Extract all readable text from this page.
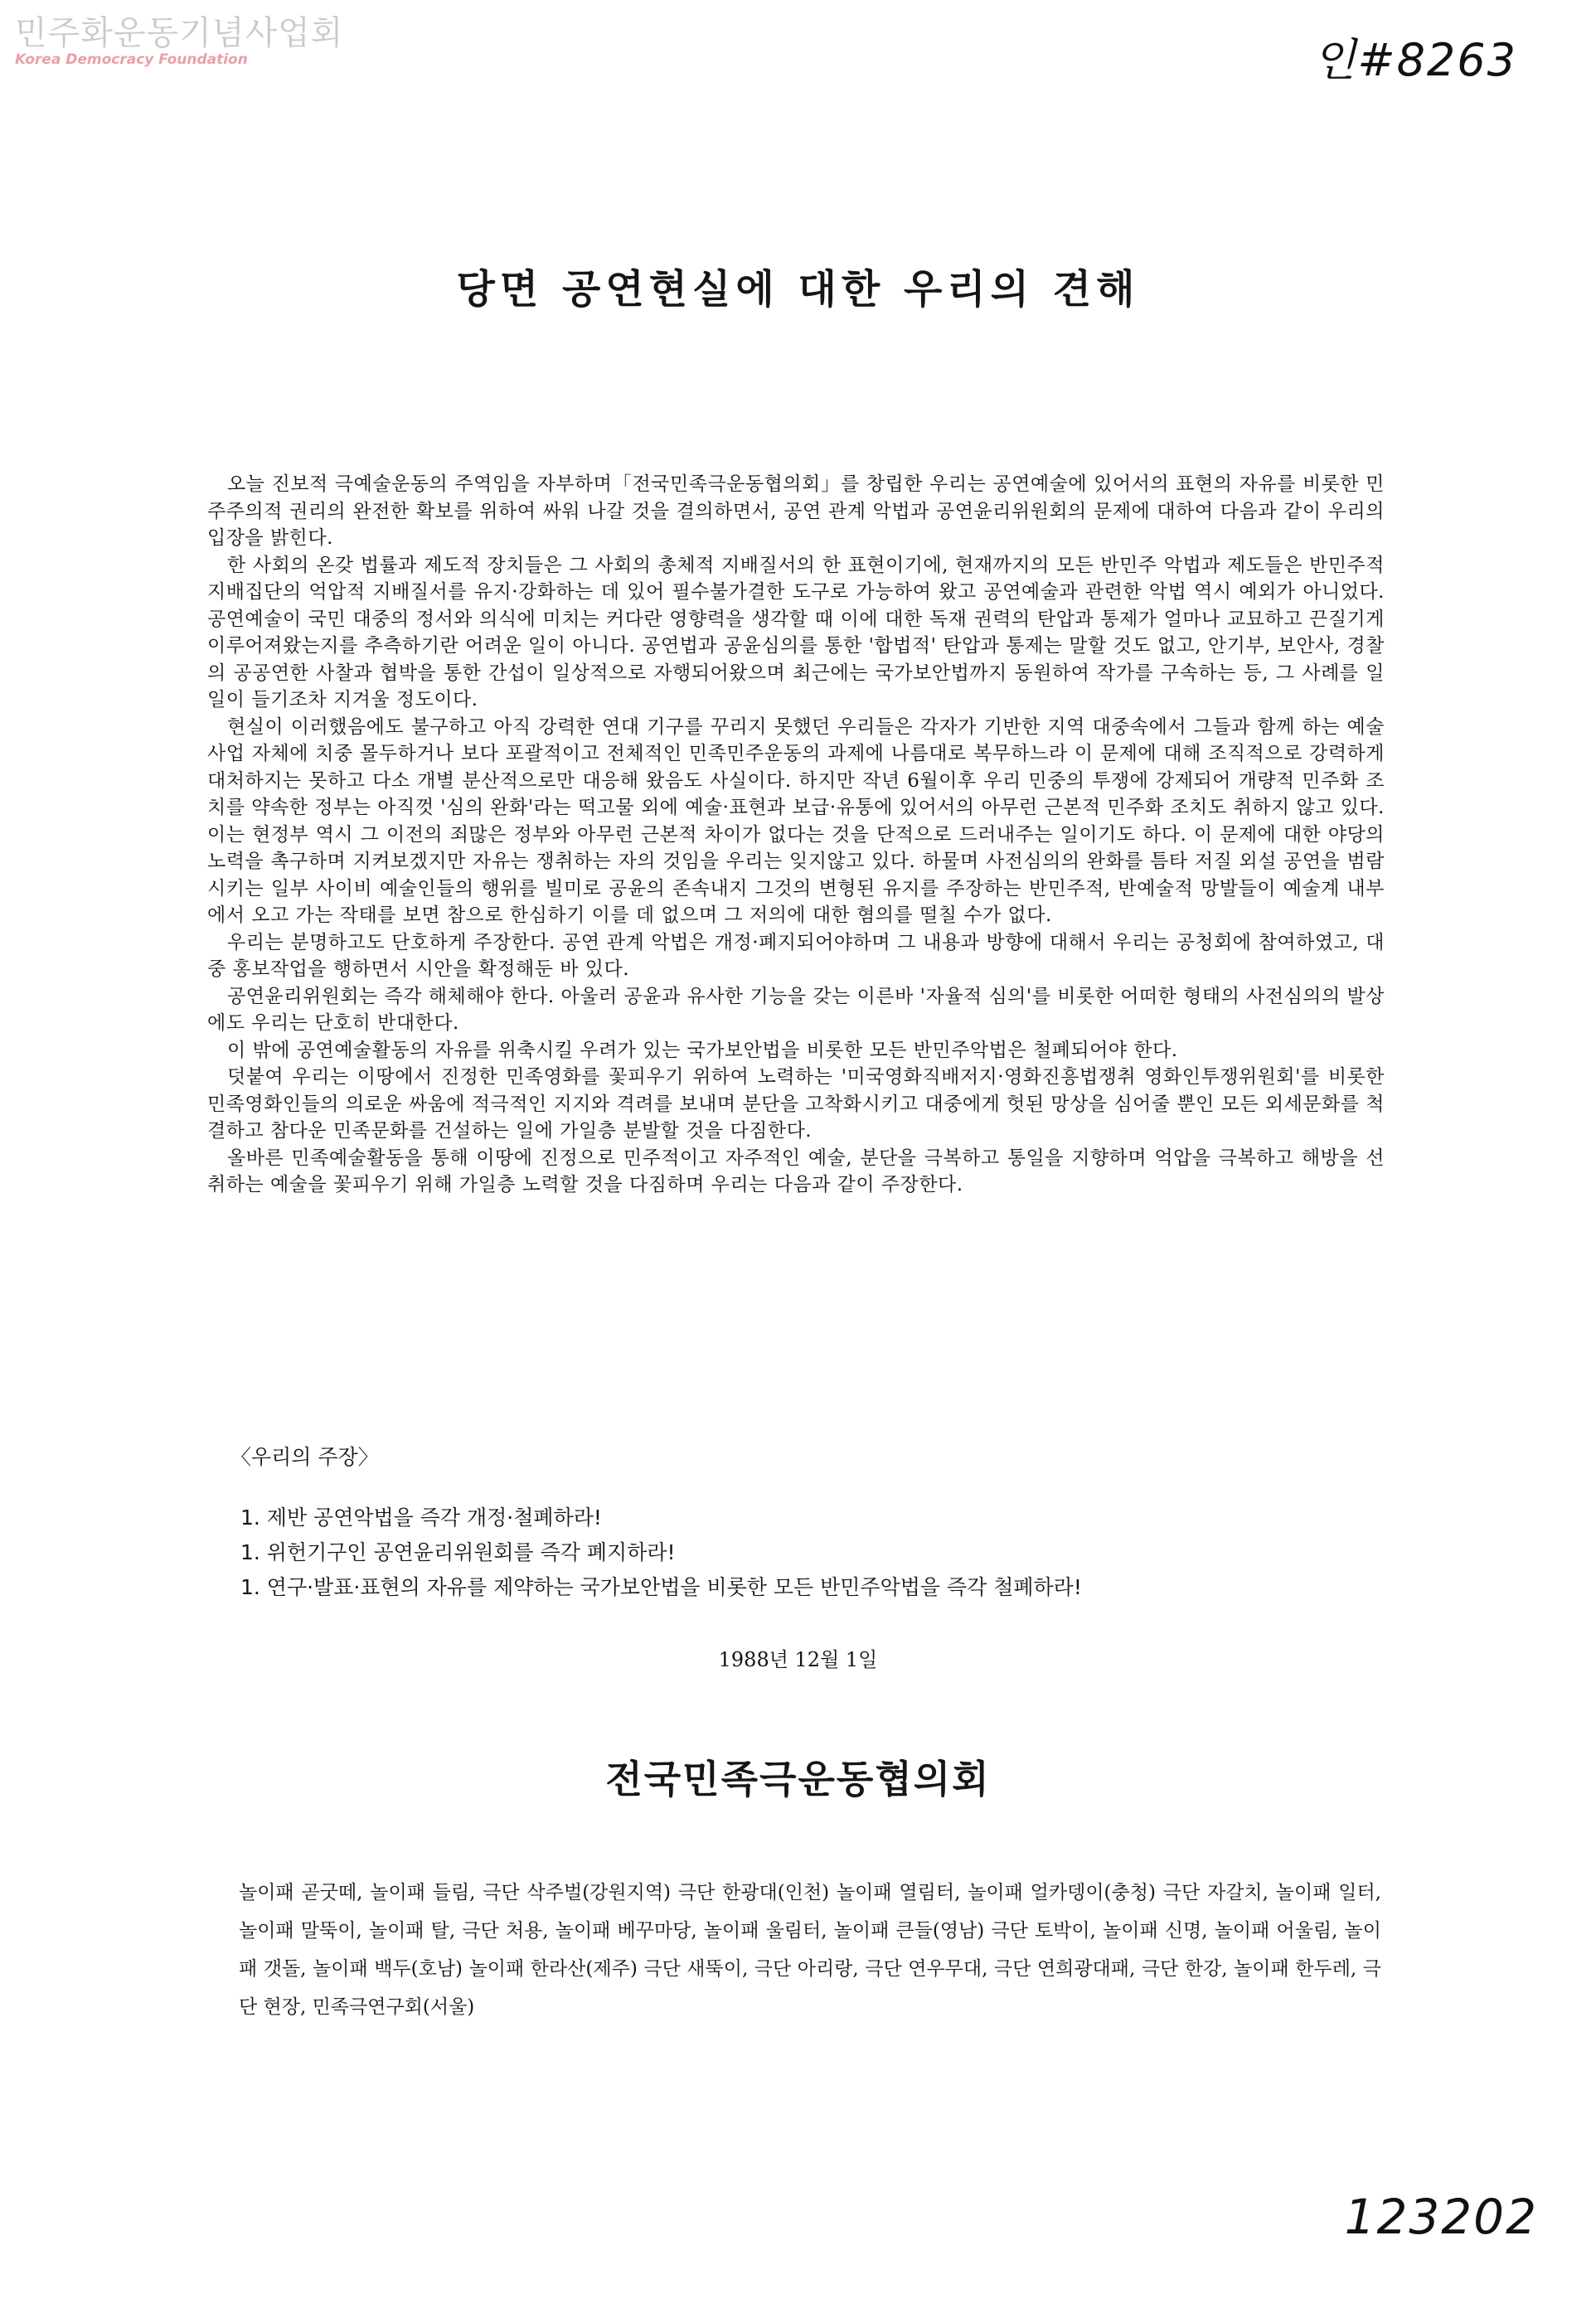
민주화운동기념사업회
Korea Democracy Foundation	인#8263
당면 공연현실에 대한 우리의 견해

오늘 진보적 극예술운동의 주역임을 자부하며「전국민족극운동협의회」를 창립한 우리는 공연예술에 있어서의 표현의 자유를 비롯한 민주주의적 권리의 완전한 확보를 위하여 싸워 나갈 것을 결의하면서, 공연 관계 악법과 공연윤리위원회의 문제에 대하여 다음과 같이 우리의 입장을 밝힌다.

한 사회의 온갖 법률과 제도적 장치들은 그 사회의 총체적 지배질서의 한 표현이기에, 현재까지의 모든 반민주 악법과 제도들은 반민주적 지배집단의 억압적 지배질서를 유지·강화하는 데 있어 필수불가결한 도구로 가능하여 왔고 공연예술과 관련한 악법 역시 예외가 아니었다. 공연예술이 국민 대중의 정서와 의식에 미치는 커다란 영향력을 생각할 때 이에 대한 독재 권력의 탄압과 통제가 얼마나 교묘하고 끈질기게 이루어져왔는지를 추측하기란 어려운 일이 아니다. 공연법과 공윤심의를 통한 '합법적' 탄압과 통제는 말할 것도 없고, 안기부, 보안사, 경찰의 공공연한 사찰과 협박을 통한 간섭이 일상적으로 자행되어왔으며 최근에는 국가보안법까지 동원하여 작가를 구속하는 등, 그 사례를 일일이 들기조차 지겨울 정도이다.

현실이 이러했음에도 불구하고 아직 강력한 연대 기구를 꾸리지 못했던 우리들은 각자가 기반한 지역 대중속에서 그들과 함께 하는 예술사업 자체에 치중 몰두하거나 보다 포괄적이고 전체적인 민족민주운동의 과제에 나름대로 복무하느라 이 문제에 대해 조직적으로 강력하게 대처하지는 못하고 다소 개별 분산적으로만 대응해 왔음도 사실이다. 하지만 작년 6월이후 우리 민중의 투쟁에 강제되어 개량적 민주화 조치를 약속한 정부는 아직껏 '심의 완화'라는 떡고물 외에 예술·표현과 보급·유통에 있어서의 아무런 근본적 민주화 조치도 취하지 않고 있다. 이는 현정부 역시 그 이전의 죄많은 정부와 아무런 근본적 차이가 없다는 것을 단적으로 드러내주는 일이기도 하다. 이 문제에 대한 야당의 노력을 촉구하며 지켜보겠지만 자유는 쟁취하는 자의 것임을 우리는 잊지않고 있다. 하물며 사전심의의 완화를 틈타 저질 외설 공연을 범람시키는 일부 사이비 예술인들의 행위를 빌미로 공윤의 존속내지 그것의 변형된 유지를 주장하는 반민주적, 반예술적 망발들이 예술계 내부에서 오고 가는 작태를 보면 참으로 한심하기 이를 데 없으며 그 저의에 대한 혐의를 떨칠 수가 없다.

우리는 분명하고도 단호하게 주장한다. 공연 관계 악법은 개정·폐지되어야하며 그 내용과 방향에 대해서 우리는 공청회에 참여하였고, 대중 홍보작업을 행하면서 시안을 확정해둔 바 있다.

공연윤리위원회는 즉각 해체해야 한다. 아울러 공윤과 유사한 기능을 갖는 이른바 '자율적 심의'를 비롯한 어떠한 형태의 사전심의의 발상에도 우리는 단호히 반대한다.

이 밖에 공연예술활동의 자유를 위축시킬 우려가 있는 국가보안법을 비롯한 모든 반민주악법은 철폐되어야 한다.

덧붙여 우리는 이땅에서 진정한 민족영화를 꽃피우기 위하여 노력하는 '미국영화직배저지·영화진흥법쟁취 영화인투쟁위원회'를 비롯한 민족영화인들의 의로운 싸움에 적극적인 지지와 격려를 보내며 분단을 고착화시키고 대중에게 헛된 망상을 심어줄 뿐인 모든 외세문화를 척결하고 참다운 민족문화를 건설하는 일에 가일층 분발할 것을 다짐한다.

올바른 민족예술활동을 통해 이땅에 진정으로 민주적이고 자주적인 예술, 분단을 극복하고 통일을 지향하며 억압을 극복하고 해방을 선취하는 예술을 꽃피우기 위해 가일층 노력할 것을 다짐하며 우리는 다음과 같이 주장한다.

〈우리의 주장〉
1. 제반 공연악법을 즉각 개정·철폐하라!
1. 위헌기구인 공연윤리위원회를 즉각 폐지하라!
1. 연구·발표·표현의 자유를 제약하는 국가보안법을 비롯한 모든 반민주악법을 즉각 철폐하라!
1988년 12월 1일
전국민족극운동협의회
놀이패 곧굿떼, 놀이패 들림, 극단 삭주벌(강원지역) 극단 한광대(인천) 놀이패 열림터, 놀이패 얼카뎅이(충청) 극단 자갈치, 놀이패 일터, 놀이패 말뚝이, 놀이패 탈, 극단 처용, 놀이패 베꾸마당, 놀이패 울림터, 놀이패 큰들(영남) 극단 토박이, 놀이패 신명, 놀이패 어울림, 놀이패 갯돌, 놀이패 백두(호남) 놀이패 한라산(제주) 극단 새뚝이, 극단 아리랑, 극단 연우무대, 극단 연희광대패, 극단 한강, 놀이패 한두레, 극단 현장, 민족극연구회(서울)
123202
